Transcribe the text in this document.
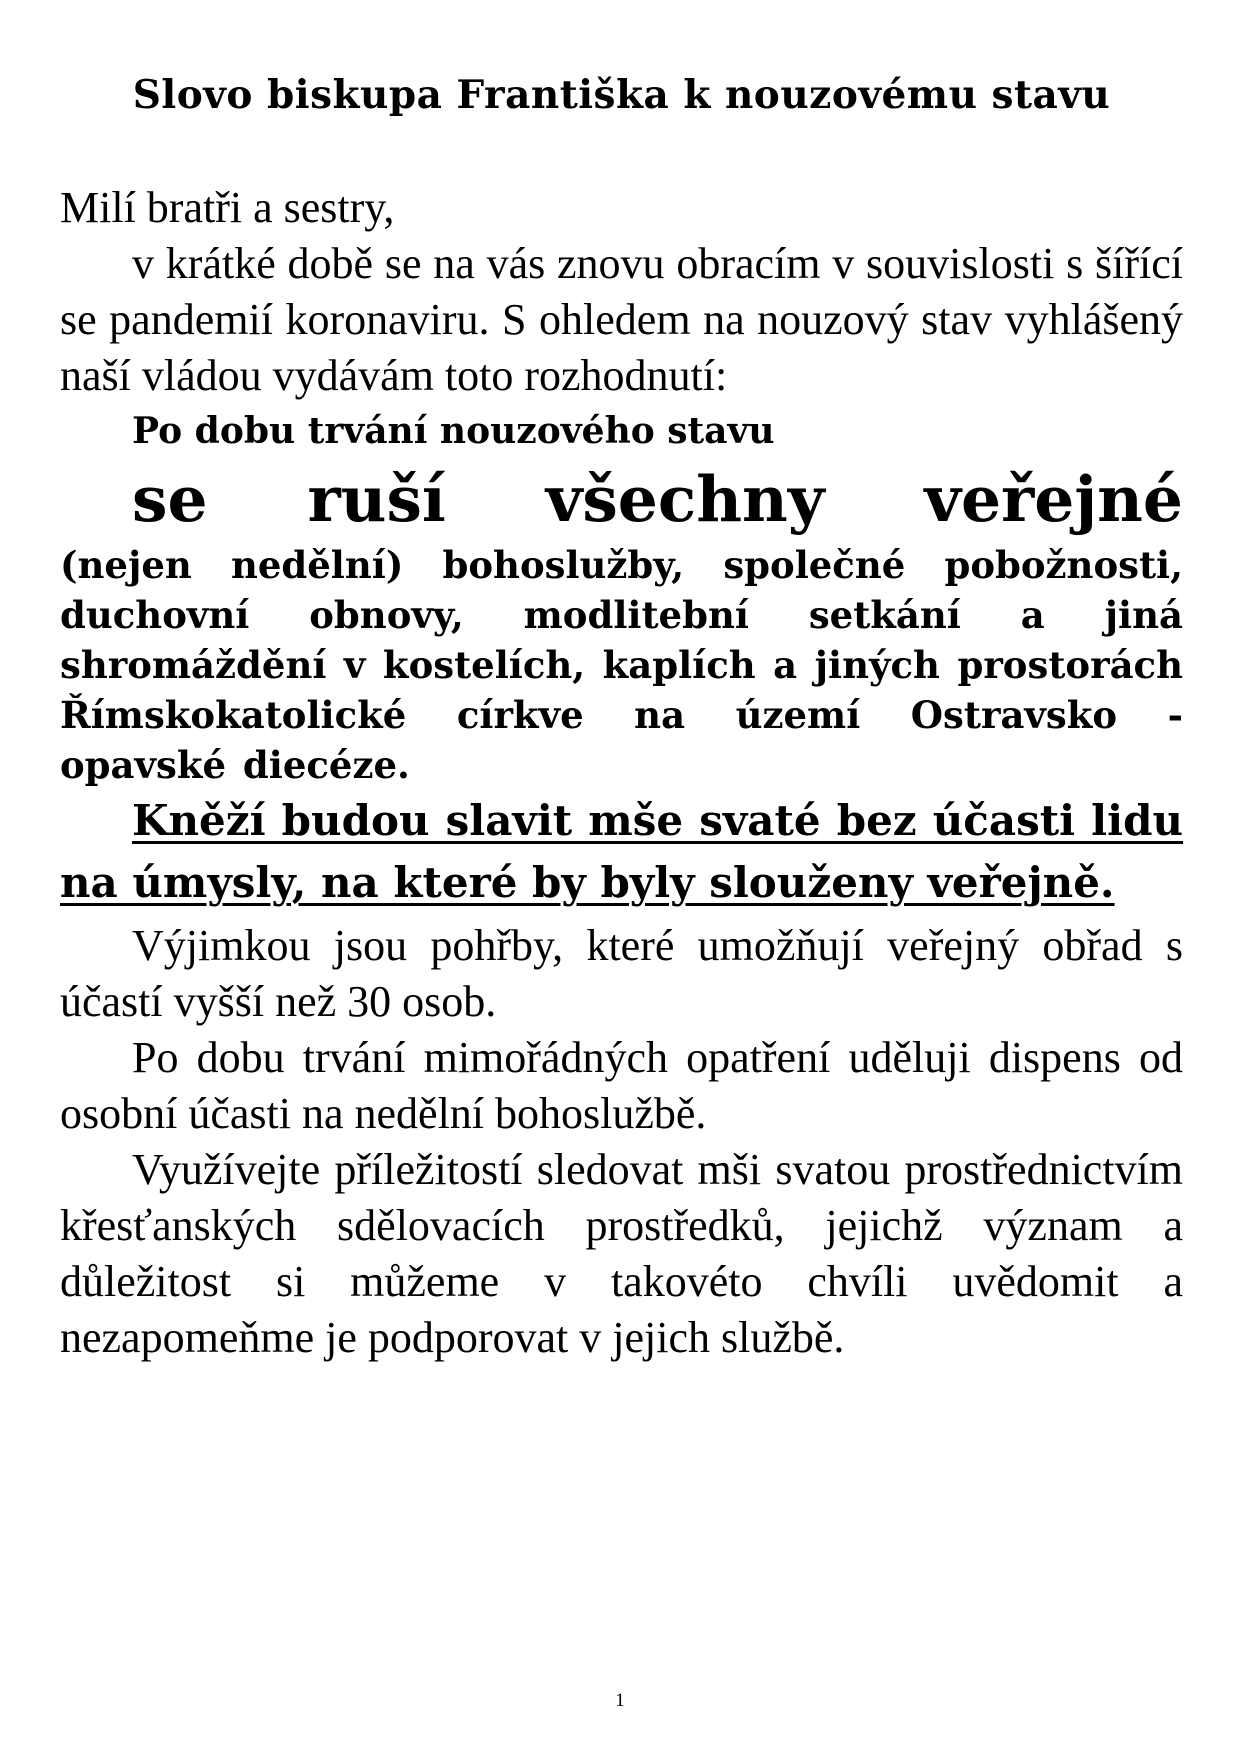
Slovo biskupa Františka k nouzovému stavu

Milí bratři a sestry,

v krátké době se na vás znovu obracím v souvislosti s šířící se pandemií koronaviru. S ohledem na nouzový stav vyhlášený naší vládou vydávám toto rozhodnutí:

Po dobu trvání nouzového stavu

se ruší všechny veřejné

(nejen nedělní) bohoslužby, společné pobožnosti, duchovní obnovy, modlitební setkání a jiná shromáždění v kostelích, kaplích a jiných prostorách Římskokatolické církve na území Ostravsko - opavské diecéze.

Kněží budou slavit mše svaté bez účasti lidu na úmysly, na které by byly slouženy veřejně.

Výjimkou jsou pohřby, které umožňují veřejný obřad s účastí vyšší než 30 osob.

Po dobu trvání mimořádných opatření uděluji dispens od osobní účasti na nedělní bohoslužbě.

Využívejte příležitostí sledovat mši svatou prostřednictvím křesťanských sdělovacích prostředků, jejichž význam a důležitost si můžeme v takovéto chvíli uvědomit a nezapomeňme je podporovat v jejich službě.

1
